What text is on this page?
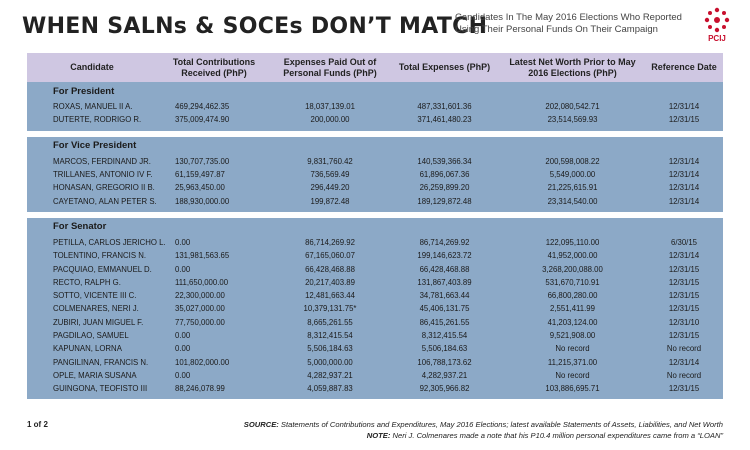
WHEN SALNs & SOCEs DON’T MATCH
Candidates In The May 2016 Elections Who Reported Using Their Personal Funds On Their Campaign
PCIJ
Candidate
Total Contributions Received (PhP)
Expenses Paid Out of Personal Funds (PhP)
Total Expenses (PhP)
Latest Net Worth Prior to May 2016 Elections (PhP)
Reference Date
For President
ROXAS, MANUEL II A.	469,294,462.35	18,037,139.01	487,331,601.36	202,080,542.71	12/31/14
DUTERTE, RODRIGO R.	375,009,474.90	200,000.00	371,461,480.23	23,514,569.93	12/31/15
For Vice President
MARCOS, FERDINAND JR.	130,707,735.00	9,831,760.42	140,539,366.34	200,598,008.22	12/31/14
TRILLANES, ANTONIO IV F.	61,159,497.87	736,569.49	61,896,067.36	5,549,000.00	12/31/14
HONASAN, GREGORIO II B.	25,963,450.00	296,449.20	26,259,899.20	21,225,615.91	12/31/14
CAYETANO, ALAN PETER S.	188,930,000.00	199,872.48	189,129,872.48	23,314,540.00	12/31/14
For Senator
PETILLA, CARLOS JERICHO L.	0.00	86,714,269.92	86,714,269.92	122,095,110.00	6/30/15
TOLENTINO, FRANCIS N.	131,981,563.65	67,165,060.07	199,146,623.72	41,952,000.00	12/31/14
PACQUIAO, EMMANUEL D.	0.00	66,428,468.88	66,428,468.88	3,268,200,088.00	12/31/15
RECTO, RALPH G.	111,650,000.00	20,217,403.89	131,867,403.89	531,670,710.91	12/31/15
SOTTO, VICENTE III C.	22,300,000.00	12,481,663.44	34,781,663.44	66,800,280.00	12/31/15
COLMENARES, NERI J.	35,027,000.00	10,379,131.75*	45,406,131.75	2,551,411.99	12/31/15
ZUBIRI, JUAN MIGUEL F.	77,750,000.00	8,665,261.55	86,415,261.55	41,203,124.00	12/31/10
PAGDILAO, SAMUEL	0.00	8,312,415.54	8,312,415.54	9,521,908.00	12/31/15
KAPUNAN, LORNA	0.00	5,506,184.63	5,506,184.63	No record	No record
PANGILINAN, FRANCIS N.	101,802,000.00	5,000,000.00	106,788,173.62	11,215,371.00	12/31/14
OPLE, MARIA SUSANA	0.00	4,282,937.21	4,282,937.21	No record	No record
GUINGONA, TEOFISTO III	88,246,078.99	4,059,887.83	92,305,966.82	103,886,695.71	12/31/15
1 of 2	SOURCE: Statements of Contributions and Expenditures, May 2016 Elections; latest available Statements of Assets, Liabilities, and Net Worth
NOTE: Neri J. Colmenares made a note that his P10.4 million personal expenditures came from a “LOAN”
